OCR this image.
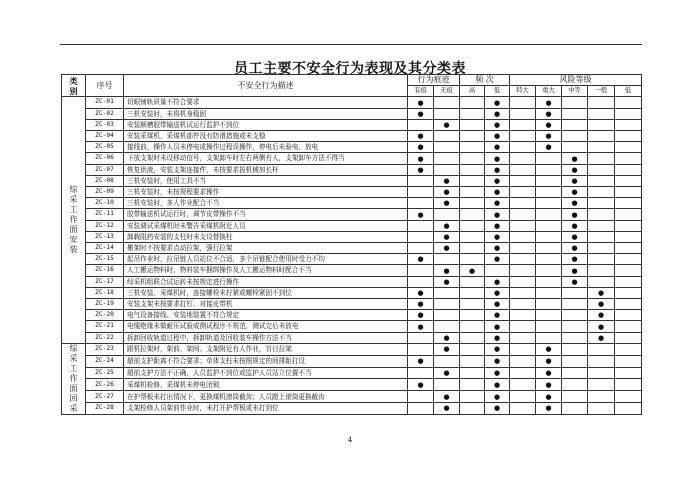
员工主要不安全行为表现及其分类表
类别	序号	不安全行为描述	行为痕迹		频 次		风险等级				
			有痕	无痕	高	低	特大	重大	中等	一般	低
综采工作面安装	ZC-01	切眼铺轨质量不符合要求	●			●		●			
	ZC-02	三机安装时，未将机身稳固	●			●		●			
	ZC-03	安装顺槽胶带输送机试运行监护不到位		●		●		●			
	ZC-04	安装采煤机，采煤机部件没有防滑措施或未支稳	●			●		●			
	ZC-05	接线前，操作人员未停电或操作过程误操作，停电后未验电、放电	●			●		●			
	ZC-06	下放支架时未设移动信号，支架卸车时左右两侧有人，支架卸车方法不得当	●			●			●		
	ZC-07	恢复供液，安装支架连接件，未按要求拔机械加长杆	●			●			●		
	ZC-08	三机安装时，使用工具不当		●		●			●		
	ZC-09	三机安装时，未按规程要求操作		●		●			●		
	ZC-10	三机安装时，多人作业配合不当		●		●			●		
	ZC-11	胶带输送机试运行时，调节皮带操作不当	●			●			●		
	ZC-12	安装调试采煤机时未警告采煤机附近人员		●		●			●		
	ZC-13	卸载阻药安装的支柱时未支设替换柱		●		●			●		
	ZC-14	搬架时不按要求点动拉架，强行拉架		●		●			●		
	ZC-15	起吊作业时，拉吊链人员站位不合适，多个吊链配合使用时受力不均	●			●			●		
	ZC-16	人工搬运物料时，物料装车捆绑操作及人工搬运物料时配合不当		●	●				●		
	ZC-17	综采机组联合试运转未按规定进行操作		●		●			●		
	ZC-18	三机安装、采煤机时，连接螺栓未拧紧或螺栓紧固不到位	●			●				●	
	ZC-19	安装支架未按要求打钉、对接皮带机	●			●				●	
	ZC-20	电气设备接线、安装地装置不符合规定	●			●				●	
	ZC-21	电缆绝缘未做耐压试验或测试程序不规范，测试完后未放电	●			●				●	
	ZC-22	拆卸回收轨道过程中，拆卸轨道及回收装车操作方法不当		●		●				●	
综采工作面回采	ZC-23	跟机拉架时，架前、架间、支架附近有人作业，盲目拉架		●		●		●			
	ZC-24	超前支护距离不符合要求；单体支柱未按照规定的间排距打设	●			●		●			
	ZC-25	超前支护方法不正确，人员监护不到位或监护人员站立位置不当		●		●		●			
	ZC-26	采煤机检修，采煤机未停电闭锁	●			●		●			
	ZC-27	在护帮板未打出情况下，更换煤机滚筒截齿；人员蹬上滚筒更换截齿		●		●		●			
	ZC-28	支架检修人员架前作业时，未打开护帮板或未打到位		●		●		●			
4
